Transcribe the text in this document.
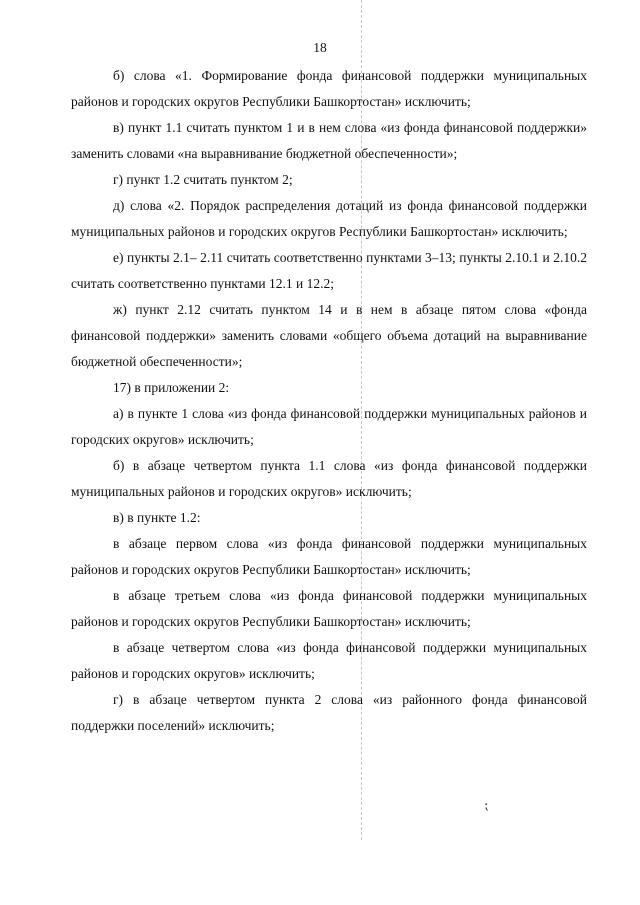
18

б) слова «1. Формирование фонда финансовой поддержки муниципальных районов и городских округов Республики Башкортостан» исключить;

в) пункт 1.1 считать пунктом 1 и в нем слова «из фонда финансовой поддержки» заменить словами «на выравнивание бюджетной обеспеченности»;

г) пункт 1.2 считать пунктом 2;

д) слова «2. Порядок распределения дотаций из фонда финансовой поддержки муниципальных районов и городских округов Республики Башкортостан» исключить;

е) пункты 2.1– 2.11 считать соответственно пунктами 3–13; пункты 2.10.1 и 2.10.2 считать соответственно пунктами 12.1 и 12.2;

ж) пункт 2.12 считать пунктом 14 и в нем в абзаце пятом слова «фонда финансовой поддержки» заменить словами «общего объема дотаций на выравнивание бюджетной обеспеченности»;

17) в приложении 2:

а) в пункте 1 слова «из фонда финансовой поддержки муниципальных районов и городских округов» исключить;

б) в абзаце четвертом пункта 1.1 слова «из фонда финансовой поддержки муниципальных районов и городских округов» исключить;

в) в пункте 1.2:

в абзаце первом слова «из фонда финансовой поддержки муниципальных районов и городских округов Республики Башкортостан» исключить;

в абзаце третьем слова «из фонда финансовой поддержки муниципальных районов и городских округов Республики Башкортостан» исключить;

в абзаце четвертом слова «из фонда финансовой поддержки муниципальных районов и городских округов» исключить;

г) в абзаце четвертом пункта 2 слова «из районного фонда финансовой поддержки поселений» исключить;

⁏
